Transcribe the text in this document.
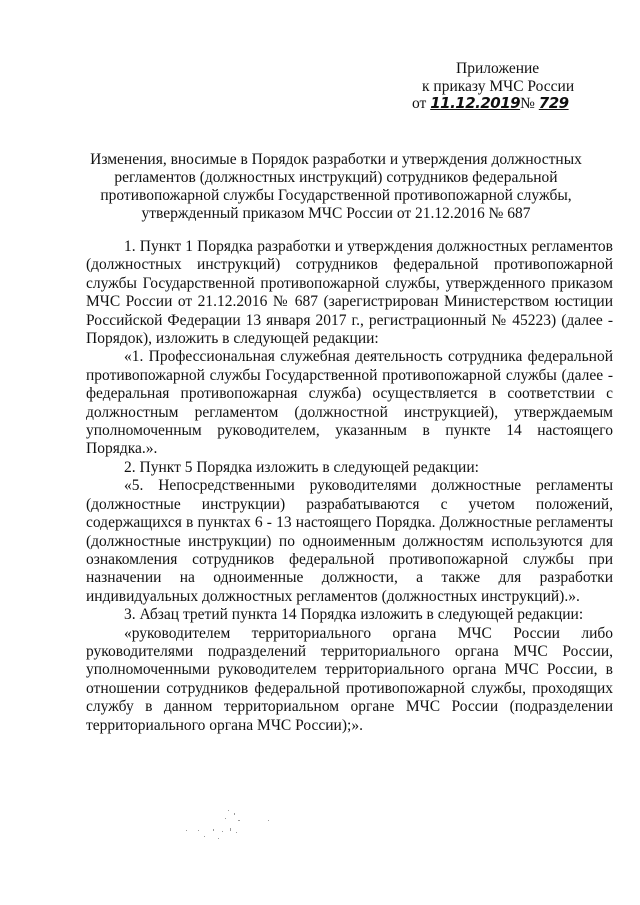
Приложение
к приказу МЧС России
от 11.12.2019№ 729
Изменения, вносимые в Порядок разработки и утверждения должностных регламентов (должностных инструкций) сотрудников федеральной противопожарной службы Государственной противопожарной службы, утвержденный приказом МЧС России от 21.12.2016 № 687

1. Пункт 1 Порядка разработки и утверждения должностных регламентов (должностных инструкций) сотрудников федеральной противопожарной службы Государственной противопожарной службы, утвержденного приказом МЧС России от 21.12.2016 № 687 (зарегистрирован Министерством юстиции Российской Федерации 13 января 2017 г., регистрационный № 45223) (далее - Порядок), изложить в следующей редакции:

«1. Профессиональная служебная деятельность сотрудника федеральной противопожарной службы Государственной противопожарной службы (далее - федеральная противопожарная служба) осуществляется в соответствии с должностным регламентом (должностной инструкцией), утверждаемым уполномоченным руководителем, указанным в пункте 14 настоящего Порядка.».

2. Пункт 5 Порядка изложить в следующей редакции:

«5. Непосредственными руководителями должностные регламенты (должностные инструкции) разрабатываются с учетом положений, содержащихся в пунктах 6 - 13 настоящего Порядка. Должностные регламенты (должностные инструкции) по одноименным должностям используются для ознакомления сотрудников федеральной противопожарной службы при назначении на одноименные должности, а также для разработки индивидуальных должностных регламентов (должностных инструкций).».

3. Абзац третий пункта 14 Порядка изложить в следующей редакции:

«руководителем территориального органа МЧС России либо руководителями подразделений территориального органа МЧС России, уполномоченными руководителем территориального органа МЧС России, в отношении сотрудников федеральной противопожарной службы, проходящих службу в данном территориальном органе МЧС России (подразделении территориального органа МЧС России);».
